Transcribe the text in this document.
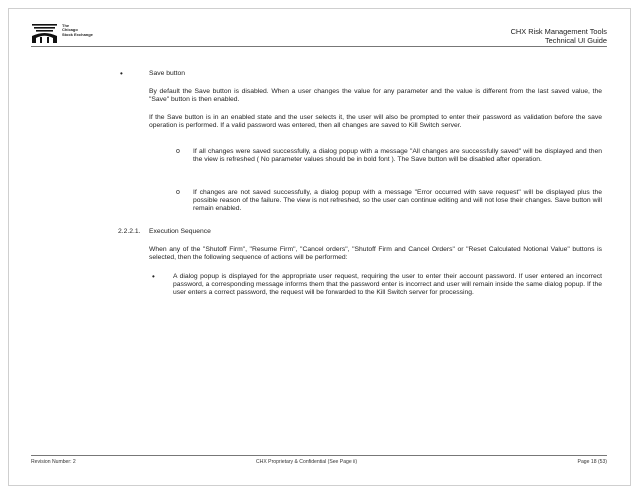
The
Chicago
Stock Exchange	CHX Risk Management Tools
Technical UI Guide
•	Save button
By default the Save button is disabled. When a user changes the value for any parameter and the value is different from the last saved value, the "Save" button is then enabled.
If the Save button is in an enabled state and the user selects it, the user will also be prompted to enter their password as validation before the save operation is performed. If a valid password was entered, then all changes are saved to Kill Switch server.
o If all changes were saved successfully, a dialog popup with a message "All changes are successfully saved" will be displayed and then the view is refreshed ( No parameter values should be in bold font ). The Save button will be disabled after operation.
o If changes are not saved successfully, a dialog popup with a message "Error occurred with save request" will be displayed plus the possible reason of the failure. The view is not refreshed, so the user can continue editing and will not lose their changes. Save button will remain enabled.
2.2.2.1. Execution Sequence
When any of the "Shutoff Firm", "Resume Firm", "Cancel orders", "Shutoff Firm and Cancel Orders" or "Reset Calculated Notional Value" buttons is selected, then the following sequence of actions will be performed:
•	A dialog popup is displayed for the appropriate user request, requiring the user to enter their account password. If user entered an incorrect password, a corresponding message informs them that the password enter is incorrect and user will remain inside the same dialog popup. If the user enters a correct password, the request will be forwarded to the Kill Switch server for processing.
Revision Number: 2	CHX Proprietary & Confidential (See Page ii)	Page 18 (53)
